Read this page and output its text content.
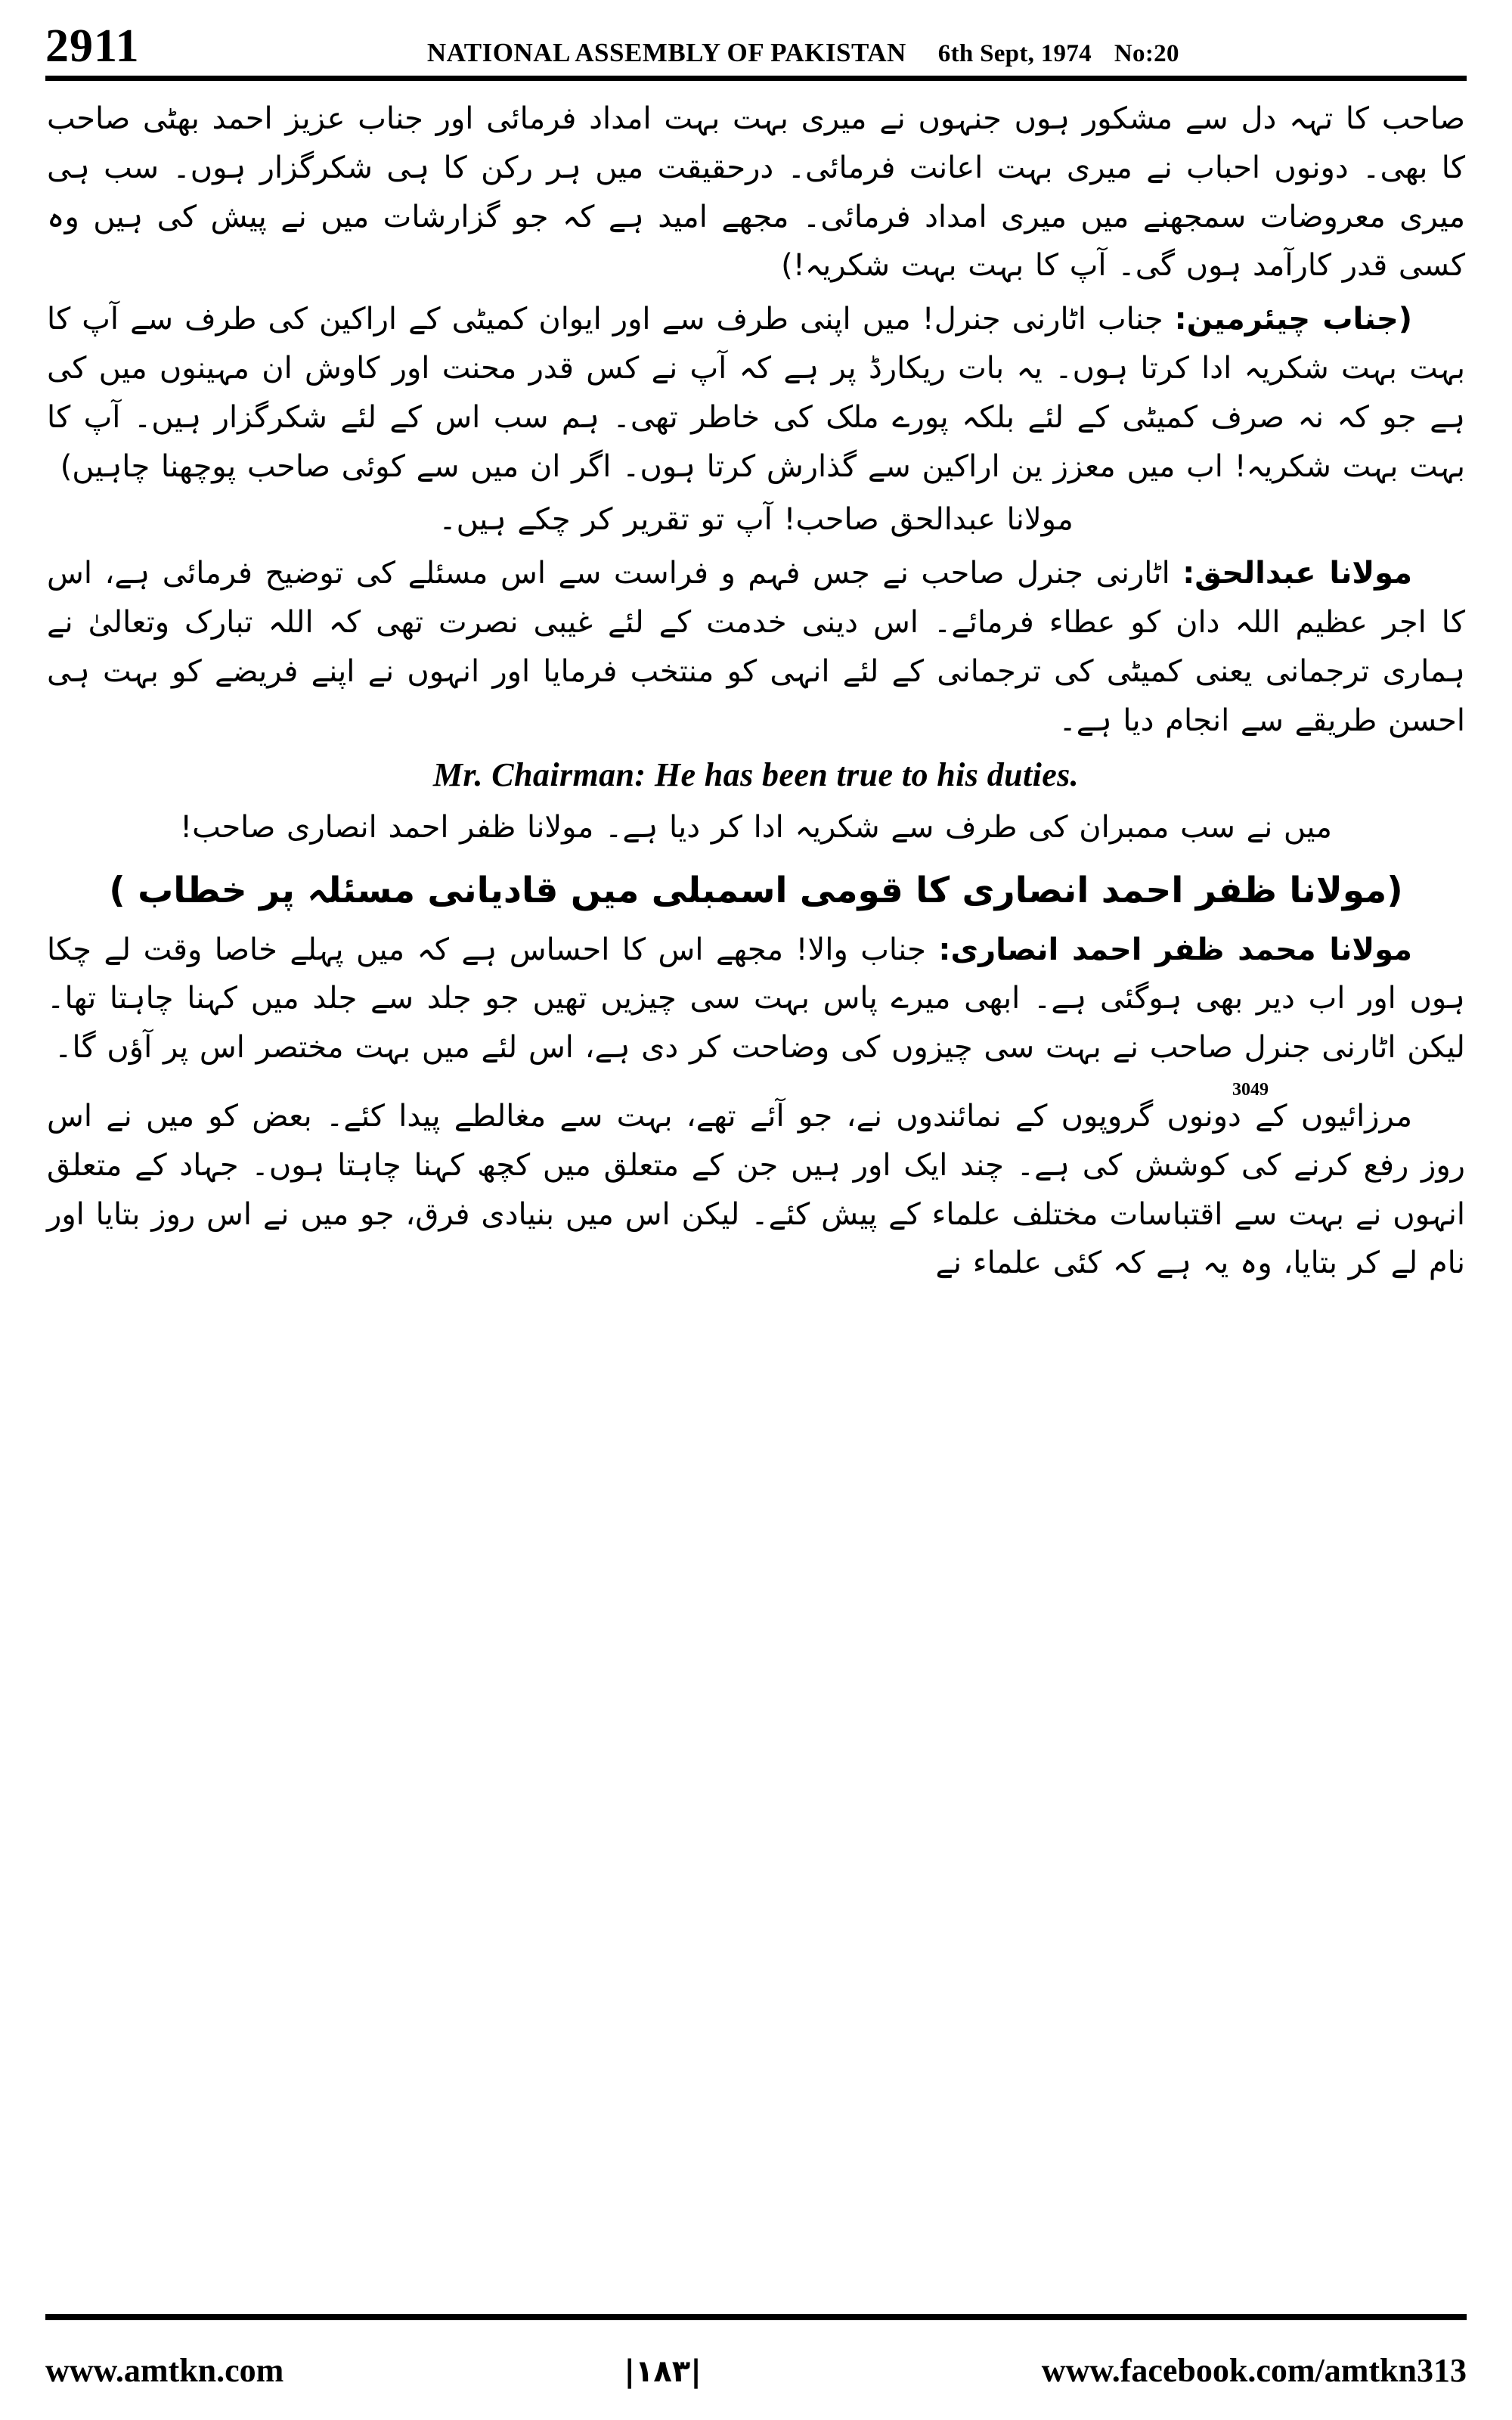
2911	NATIONAL ASSEMBLY OF PAKISTAN 6th Sept, 1974 No:20
صاحب کا تہہ دل سے مشکور ہوں جنہوں نے میری بہت بہت امداد فرمائی اور جناب عزیز احمد بھٹی صاحب کا بھی۔ دونوں احباب نے میری بہت اعانت فرمائی۔ درحقیقت میں ہر رکن کا ہی شکرگزار ہوں۔ سب ہی میری معروضات سمجھنے میں میری امداد فرمائی۔ مجھے امید ہے کہ جو گزارشات میں نے پیش کی ہیں وہ کسی قدر کارآمد ہوں گی۔ آپ کا بہت بہت شکریہ!)
(جناب چیئرمین: جناب اٹارنی جنرل! میں اپنی طرف سے اور ایوان کمیٹی کے اراکین کی طرف سے آپ کا بہت بہت شکریہ ادا کرتا ہوں۔ یہ بات ریکارڈ پر ہے کہ آپ نے کس قدر محنت اور کاوش ان مہینوں میں کی ہے جو کہ نہ صرف کمیٹی کے لئے بلکہ پورے ملک کی خاطر تھی۔ ہم سب اس کے لئے شکرگزار ہیں۔ آپ کا بہت بہت شکریہ! اب میں معزز ین اراکین سے گذارش کرتا ہوں۔ اگر ان میں سے کوئی صاحب پوچھنا چاہیں)
مولانا عبدالحق صاحب! آپ تو تقریر کر چکے ہیں۔
مولانا عبدالحق: اٹارنی جنرل صاحب نے جس فہم و فراست سے اس مسئلے کی توضیح فرمائی ہے، اس کا اجر عظیم اللہ دان کو عطاء فرمائے۔ اس دینی خدمت کے لئے غیبی نصرت تھی کہ اللہ تبارک وتعالیٰ نے ہماری ترجمانی یعنی کمیٹی کی ترجمانی کے لئے انہی کو منتخب فرمایا اور انہوں نے اپنے فریضے کو بہت ہی احسن طریقے سے انجام دیا ہے۔
Mr. Chairman: He has been true to his duties.
میں نے سب ممبران کی طرف سے شکریہ ادا کر دیا ہے۔ مولانا ظفر احمد انصاری صاحب!
(مولانا ظفر احمد انصاری کا قومی اسمبلی میں قادیانی مسئلہ پر خطاب )
مولانا محمد ظفر احمد انصاری: جناب والا! مجھے اس کا احساس ہے کہ میں پہلے خاصا وقت لے چکا ہوں اور اب دیر بھی ہوگئی ہے۔ ابھی میرے پاس بہت سی چیزیں تھیں جو جلد سے جلد میں کہنا چاہتا تھا۔ لیکن اٹارنی جنرل صاحب نے بہت سی چیزوں کی وضاحت کر دی ہے، اس لئے میں بہت مختصر اس پر آؤں گا۔
مرزائیوں کے دونوں گروپوں کے نمائندوں نے، جو آئے تھے، بہت سے مغالطے پیدا کئے۔ بعض کو میں نے اس روز رفع کرنے کی کوشش کی ہے۔ چند ایک اور ہیں جن کے متعلق میں کچھ کہنا چاہتا ہوں۔ جہاد کے متعلق انہوں نے بہت سے اقتباسات مختلف علماء کے پیش کئے۔ لیکن اس میں بنیادی فرق، جو میں نے اس روز بتایا اور نام لے کر بتایا، وہ یہ ہے کہ کئی علماء نے
3049
www.amtkn.com	|۱۸۳|	www.facebook.com/amtkn313
